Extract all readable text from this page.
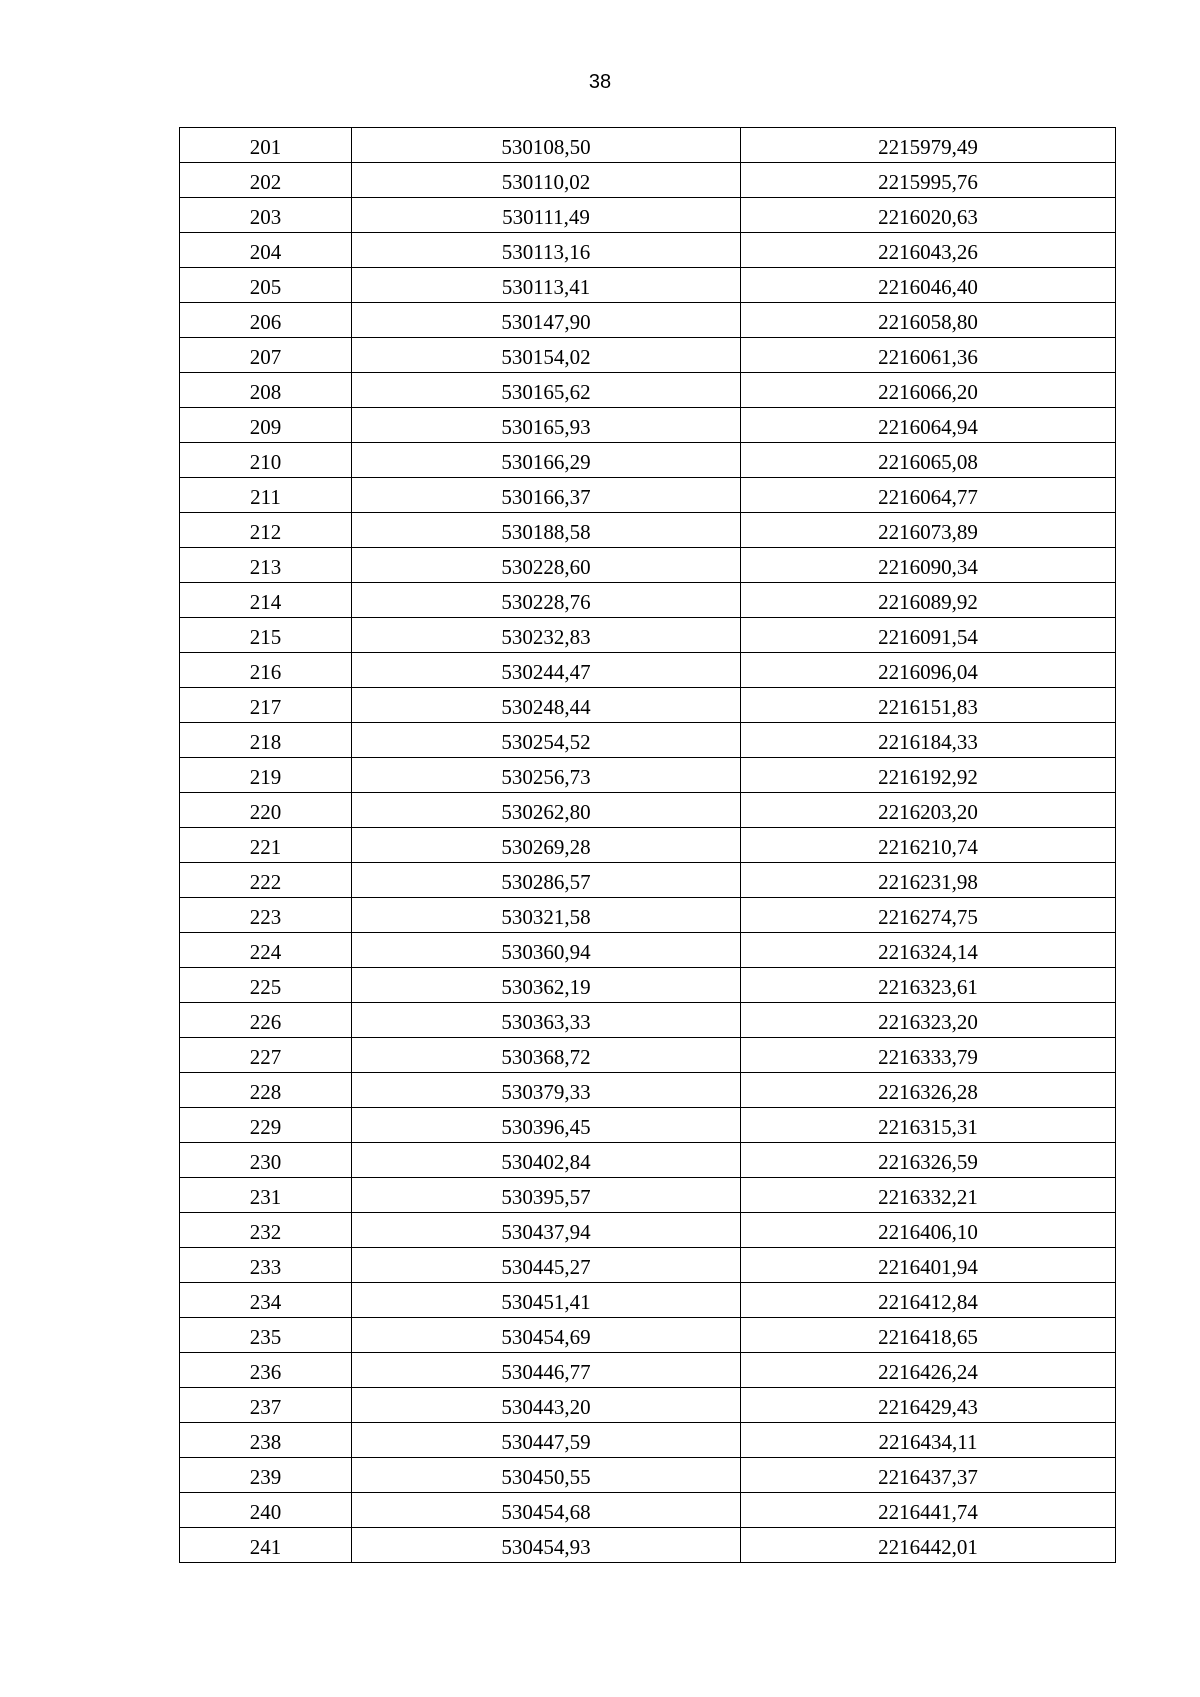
38
201	530108,50	2215979,49
202	530110,02	2215995,76
203	530111,49	2216020,63
204	530113,16	2216043,26
205	530113,41	2216046,40
206	530147,90	2216058,80
207	530154,02	2216061,36
208	530165,62	2216066,20
209	530165,93	2216064,94
210	530166,29	2216065,08
211	530166,37	2216064,77
212	530188,58	2216073,89
213	530228,60	2216090,34
214	530228,76	2216089,92
215	530232,83	2216091,54
216	530244,47	2216096,04
217	530248,44	2216151,83
218	530254,52	2216184,33
219	530256,73	2216192,92
220	530262,80	2216203,20
221	530269,28	2216210,74
222	530286,57	2216231,98
223	530321,58	2216274,75
224	530360,94	2216324,14
225	530362,19	2216323,61
226	530363,33	2216323,20
227	530368,72	2216333,79
228	530379,33	2216326,28
229	530396,45	2216315,31
230	530402,84	2216326,59
231	530395,57	2216332,21
232	530437,94	2216406,10
233	530445,27	2216401,94
234	530451,41	2216412,84
235	530454,69	2216418,65
236	530446,77	2216426,24
237	530443,20	2216429,43
238	530447,59	2216434,11
239	530450,55	2216437,37
240	530454,68	2216441,74
241	530454,93	2216442,01
